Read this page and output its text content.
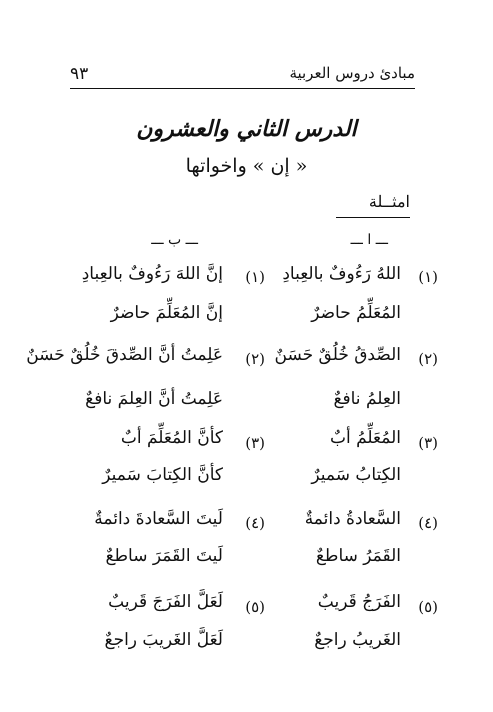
٩٣	مبادئ دروس العربية
الدرس الثاني والعشرون
« إن » واخواتها
امثــلة
ـــ ا ـــ
ـــ ب ـــ
(١)
اللهُ رَءُوفٌ بالعِبادِ
المُعَلِّمُ حاضرٌ
(١)
إنَّ اللهَ رَءُوفٌ بالعِبادِ
إنَّ المُعَلِّمَ حاضرٌ
(٢)
الصِّدقُ خُلُقٌ حَسَنٌ
العِلمُ نافعٌ
(٢)
عَلِمتُ أنَّ الصِّدقَ خُلُقٌ حَسَنٌ
عَلِمتُ أنَّ العِلمَ نافعٌ
(٣)
المُعَلِّمُ أبٌ
الكِتابُ سَميرٌ
(٣)
كأنَّ المُعَلِّمَ أبٌ
كأنَّ الكِتابَ سَميرٌ
(٤)
السَّعادةُ دائمةٌ
القَمَرُ ساطعٌ
(٤)
لَيتَ السَّعادةَ دائمةٌ
لَيتَ القَمَرَ ساطعٌ
(٥)
الفَرَجُ قَريبٌ
الغَريبُ راجعٌ
(٥)
لَعَلَّ الفَرَجَ قَريبٌ
لَعَلَّ الغَريبَ راجعٌ
